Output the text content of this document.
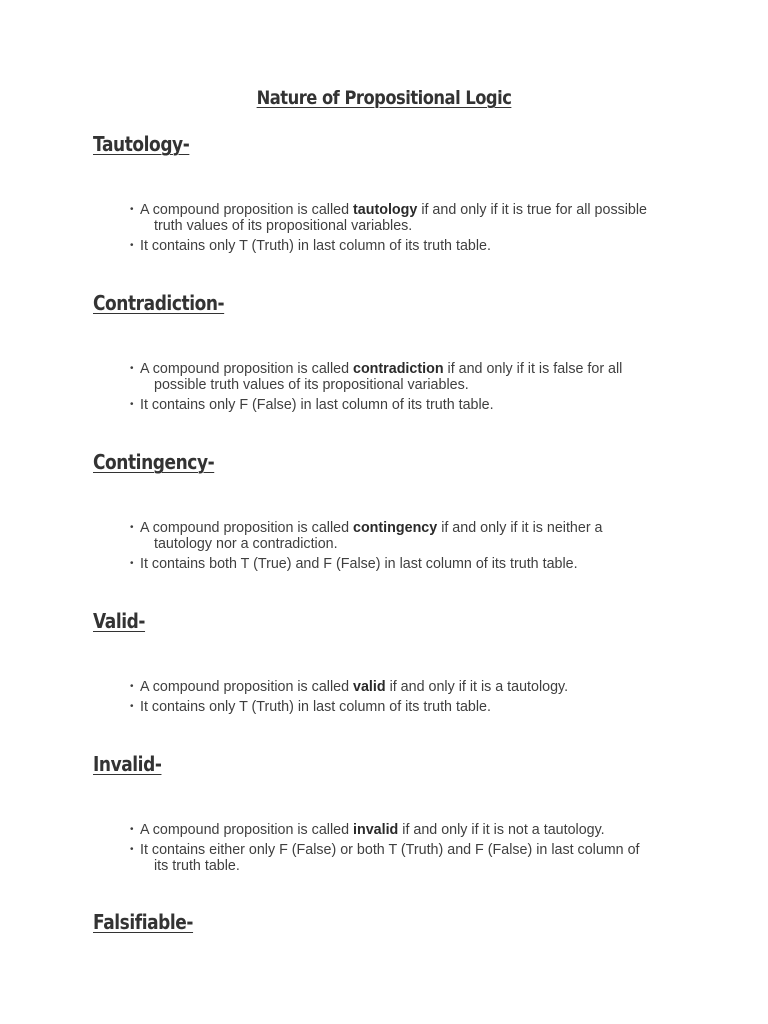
Nature of Propositional Logic
Tautology-
• A compound proposition is called tautology if and only if it is true for all possible
truth values of its propositional variables.
• It contains only T (Truth) in last column of its truth table.
Contradiction-
• A compound proposition is called contradiction if and only if it is false for all
possible truth values of its propositional variables.
• It contains only F (False) in last column of its truth table.
Contingency-
• A compound proposition is called contingency if and only if it is neither a
tautology nor a contradiction.
• It contains both T (True) and F (False) in last column of its truth table.
Valid-
• A compound proposition is called valid if and only if it is a tautology.
• It contains only T (Truth) in last column of its truth table.
Invalid-
• A compound proposition is called invalid if and only if it is not a tautology.
• It contains either only F (False) or both T (Truth) and F (False) in last column of
its truth table.
Falsifiable-
